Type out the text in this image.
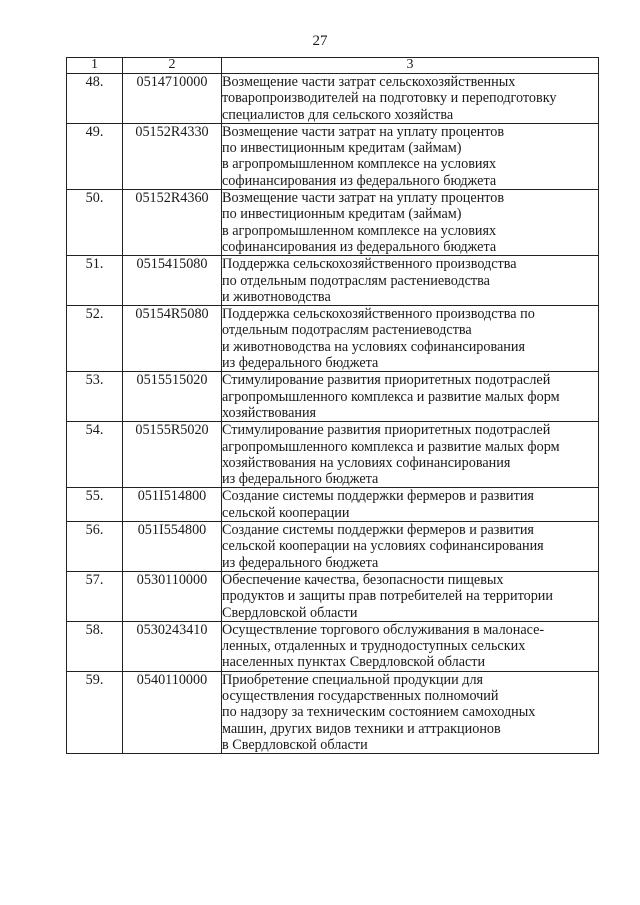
27
1	2	3
48.	0514710000	Возмещение части затрат сельскохозяйственных
товаропроизводителей на подготовку и переподготовку
специалистов для сельского хозяйства

49.	05152R4330	Возмещение части затрат на уплату процентов
по инвестиционным кредитам (займам)
в агропромышленном комплексе на условиях
софинансирования из федерального бюджета

50.	05152R4360	Возмещение части затрат на уплату процентов
по инвестиционным кредитам (займам)
в агропромышленном комплексе на условиях
софинансирования из федерального бюджета

51.	0515415080	Поддержка сельскохозяйственного производства
по отдельным подотраслям растениеводства
и животноводства

52.	05154R5080	Поддержка сельскохозяйственного производства по
отдельным подотраслям растениеводства
и животноводства на условиях софинансирования
из федерального бюджета

53.	0515515020	Стимулирование развития приоритетных подотраслей
агропромышленного комплекса и развитие малых форм
хозяйствования

54.	05155R5020	Стимулирование развития приоритетных подотраслей
агропромышленного комплекса и развитие малых форм
хозяйствования на условиях софинансирования
из федерального бюджета

55.	051I514800	Создание системы поддержки фермеров и развития
сельской кооперации

56.	051I554800	Создание системы поддержки фермеров и развития
сельской кооперации на условиях софинансирования
из федерального бюджета

57.	0530110000	Обеспечение качества, безопасности пищевых
продуктов и защиты прав потребителей на территории
Свердловской области

58.	0530243410	Осуществление торгового обслуживания в малонасе-
ленных, отдаленных и труднодоступных сельских
населенных пунктах Свердловской области

59.	0540110000	Приобретение специальной продукции для
осуществления государственных полномочий
по надзору за техническим состоянием самоходных
машин, других видов техники и аттракционов
в Свердловской области
